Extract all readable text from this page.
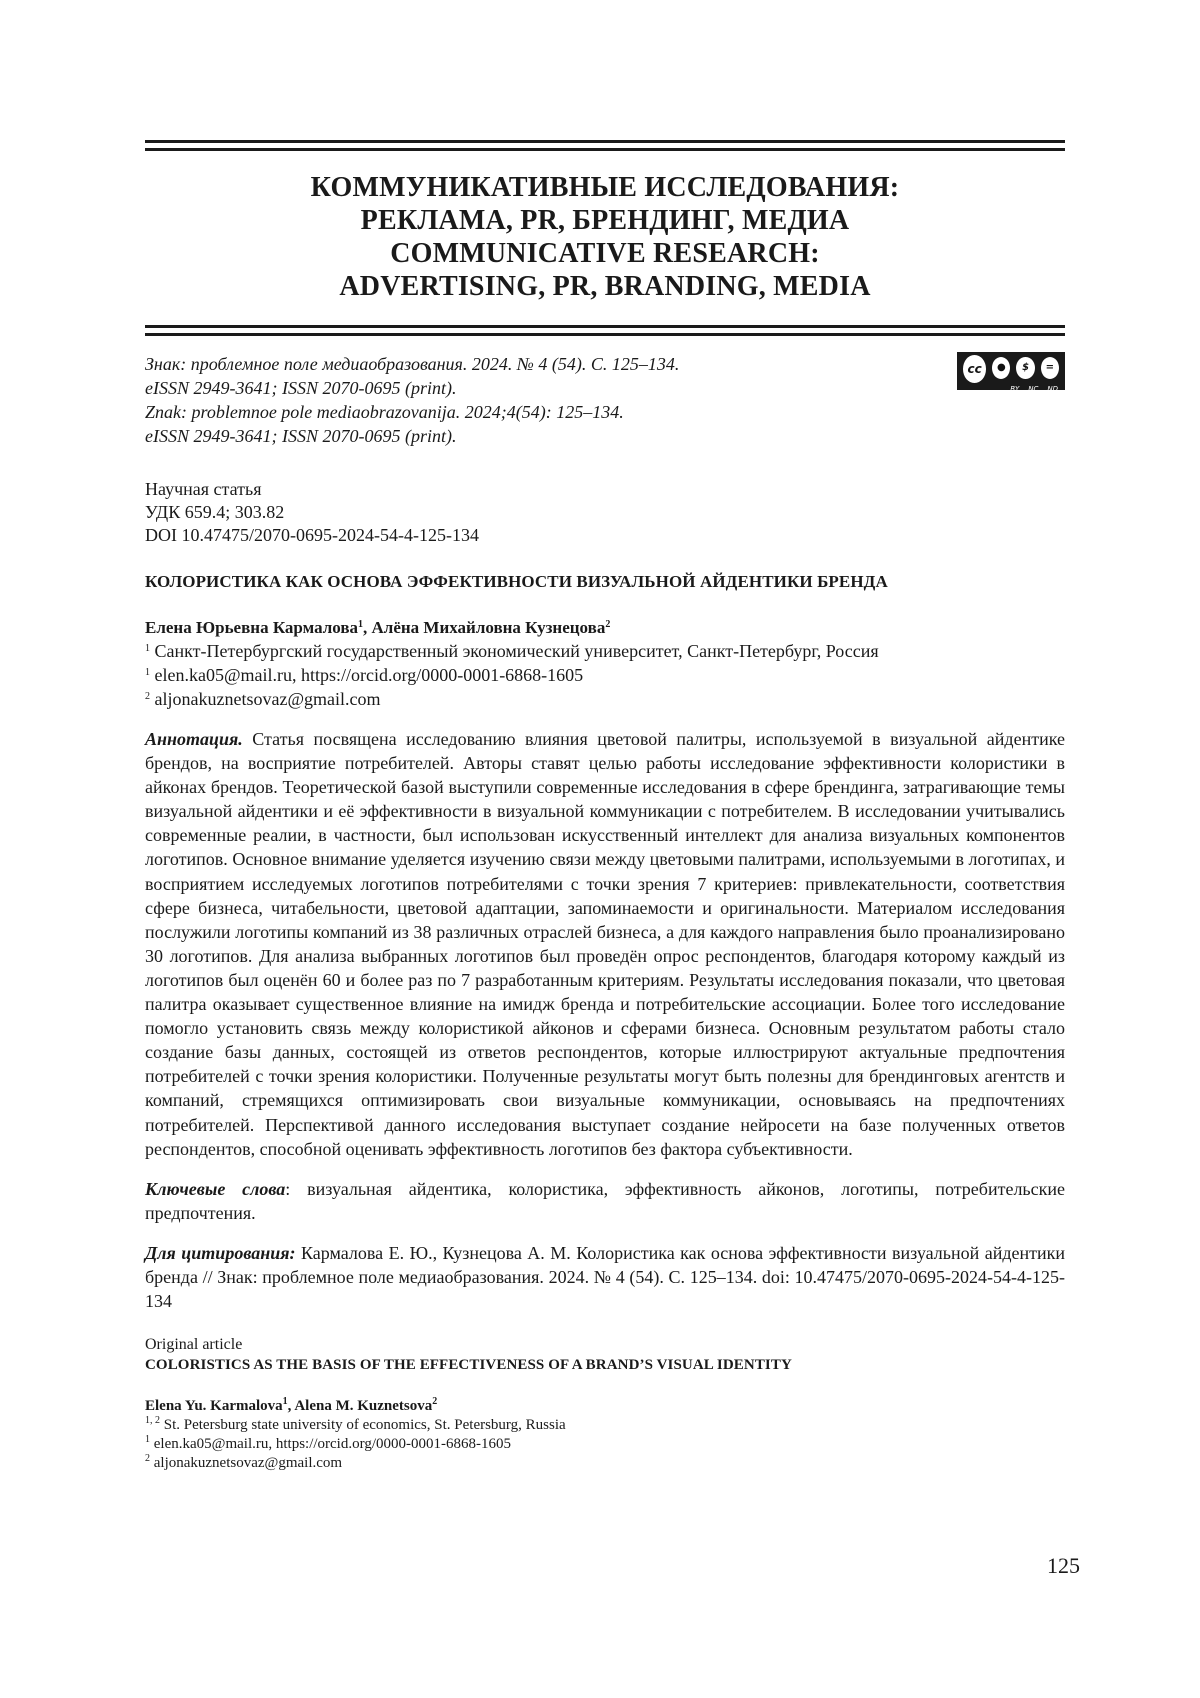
КОММУНИКАТИВНЫЕ ИССЛЕДОВАНИЯ:
РЕКЛАМА, PR, БРЕНДИНГ, МЕДИА
COMMUNICATIVE RESEARCH:
ADVERTISING, PR, BRANDING, MEDIA
Знак: проблемное поле медиаобразования. 2024. № 4 (54). С. 125–134.
eISSN 2949-3641; ISSN 2070-0695 (print).
Znak: problemnoe pole mediaobrazovanija. 2024;4(54): 125–134.
eISSN 2949-3641; ISSN 2070-0695 (print).
cc	●	$	=
BY NC ND
Научная статья
УДК 659.4; 303.82
DOI 10.47475/2070-0695-2024-54-4-125-134
КОЛОРИСТИКА КАК ОСНОВА ЭФФЕКТИВНОСТИ ВИЗУАЛЬНОЙ АЙДЕНТИКИ БРЕНДА
Елена Юрьевна Кармалова$^1$, Алёна Михайловна Кузнецова$^2$
$^1$ Санкт-Петербургский государственный экономический университет, Санкт-Петербург, Россия
$^1$ elen.ka05@mail.ru, https://orcid.org/0000-0001-6868-1605
$^2$ aljonakuznetsovaz@gmail.com
Аннотация. Статья посвящена исследованию влияния цветовой палитры, используемой в визуальной айдентике брендов, на восприятие потребителей. Авторы ставят целью работы исследование эффективности колористики в айконах брендов. Теоретической базой выступили современные исследования в сфере брендинга, затрагивающие темы визуальной айдентики и её эффективности в визуальной коммуникации с потребителем. В исследовании учитывались современные реалии, в частности, был использован искусственный интеллект для анализа визуальных компонентов логотипов. Основное внимание уделяется изучению связи между цветовыми палитрами, используемыми в логотипах, и восприятием исследуемых логотипов потребителями с точки зрения 7 критериев: привлекательности, соответствия сфере бизнеса, читабельности, цветовой адаптации, запоминаемости и оригинальности. Материалом исследования послужили логотипы компаний из 38 различных отраслей бизнеса, а для каждого направления было проанализировано 30 логотипов. Для анализа выбранных логотипов был проведён опрос респондентов, благодаря которому каждый из логотипов был оценён 60 и более раз по 7 разработанным критериям. Результаты исследования показали, что цветовая палитра оказывает существенное влияние на имидж бренда и потребительские ассоциации. Более того исследование помогло установить связь между колористикой айконов и сферами бизнеса. Основным результатом работы стало создание базы данных, состоящей из ответов респондентов, которые иллюстрируют актуальные предпочтения потребителей с точки зрения колористики. Полученные результаты могут быть полезны для брендинговых агентств и компаний, стремящихся оптимизировать свои визуальные коммуникации, основываясь на предпочтениях потребителей. Перспективой данного исследования выступает создание нейросети на базе полученных ответов респондентов, способной оценивать эффективность логотипов без фактора субъективности.
Ключевые слова: визуальная айдентика, колористика, эффективность айконов, логотипы, потребительские предпочтения.
Для цитирования: Кармалова Е. Ю., Кузнецова А. М. Колористика как основа эффективности визуальной айдентики бренда // Знак: проблемное поле медиаобразования. 2024. № 4 (54). С. 125–134. doi: 10.47475/2070-0695-2024-54-4-125-134
Original article
COLORISTICS AS THE BASIS OF THE EFFECTIVENESS OF A BRAND’S VISUAL IDENTITY
Elena Yu. Karmalova$^1$, Alena M. Kuznetsova$^2$
$^{1, 2}$ St. Petersburg state university of economics, St. Petersburg, Russia
$^1$ elen.ka05@mail.ru, https://orcid.org/0000-0001-6868-1605
$^2$ aljonakuznetsovaz@gmail.com
125
